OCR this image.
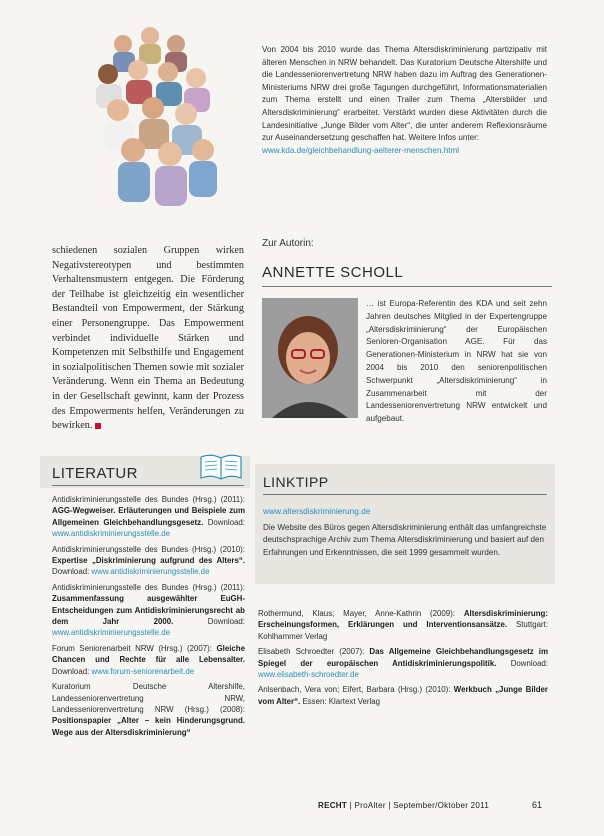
Von 2004 bis 2010 wurde das Thema Altersdiskriminierung partizipativ mit älteren Menschen in NRW behandelt. Das Kuratorium Deutsche Altershilfe und die Landesseniorenvertretung NRW haben dazu im Auftrag des Generationen-Ministeriums NRW drei große Tagungen durchgeführt, Informationsmaterialien zum Thema erstellt und einen Trailer zum Thema „Altersbilder und Altersdiskriminierung“ erarbeitet. Verstärkt wurden diese Aktivitäten durch die Landesinitiative „Junge Bilder vom Alter“, die unter anderem Reflexionsräume zur Auseinandersetzung geschaffen hat. Weitere Infos unter:
www.kda.de/gleichbehandlung-aelterer-menschen.html
schiedenen sozialen Gruppen wirken Negativstereotypen und bestimmten Verhaltensmustern entgegen. Die Förderung der Teilhabe ist gleichzeitig ein wesentlicher Bestandteil von Empowerment, der Stärkung einer Personengruppe. Das Empowerment verbindet individuelle Stärken und Kompetenzen mit Selbsthilfe und Engagement in sozialpolitischen Themen sowie mit sozialer Veränderung. Wenn ein Thema an Bedeutung in der Gesellschaft gewinnt, kann der Prozess des Empowerments helfen, Veränderungen zu bewirken.
Zur Autorin:
ANNETTE SCHOLL
… ist Europa-Referentin des KDA und seit zehn Jahren deutsches Mitglied in der Expertengruppe „Altersdiskriminierung“ der Europäischen Senioren-Organisation AGE. Für das Generationen-Ministerium in NRW hat sie von 2004 bis 2010 den seniorenpolitischen Schwerpunkt „Altersdiskriminierung“ in Zusammenarbeit mit der Landesseniorenvertretung NRW entwickelt und aufgebaut.
LITERATUR	LINKTIPP
www.altersdiskriminierung.de
Die Website des Büros gegen Altersdiskriminierung enthält das umfangreichste deutschsprachige Archiv zum Thema Altersdiskriminierung und basiert auf den Erfahrungen und Erkenntnissen, die seit 1999 gesammelt wurden.
Antidiskriminierungsstelle des Bundes (Hrsg.) (2011): AGG-Wegweiser. Erläuterungen und Beispiele zum Allgemeinen Gleichbehandlungsgesetz. Download: www.antidiskriminierungsstelle.de
Antidiskriminierungsstelle des Bundes (Hrsg.) (2010): Expertise „Diskriminierung aufgrund des Alters“. Download: www.antidiskriminierungsstelle.de
Antidiskriminierungsstelle des Bundes (Hrsg.) (2011): Zusammenfassung ausgewählter EuGH-Entscheidungen zum Antidiskriminierungsrecht ab dem Jahr 2000. Download: www.antidiskriminierungsstelle.de
Forum Seniorenarbeit NRW (Hrsg.) (2007): Gleiche Chancen und Rechte für alle Lebensalter. Download: www.forum-seniorenarbeit.de
Kuratorium Deutsche Altershilfe, Landesseniorenvertretung NRW, Landesseniorenvertretung NRW (Hrsg.) (2008): Positionspapier „Alter – kein Hinderungsgrund. Wege aus der Altersdiskriminierung“
Rothermund, Klaus; Mayer, Anne-Kathrin (2009): Altersdiskriminierung: Erscheinungsformen, Erklärungen und Interventionsansätze. Stuttgart: Kohlhammer Verlag
Elisabeth Schroedter (2007): Das Allgemeine Gleichbehandlungsgesetz im Spiegel der europäischen Antidiskriminierungspolitik. Download: www.elisabeth-schroedter.de
Anlsenbach, Vera von; Eifert, Barbara (Hrsg.) (2010): Werkbuch „Junge Bilder vom Alter“. Essen: Klartext Verlag
RECHT | ProAlter | September/Oktober 2011	61
